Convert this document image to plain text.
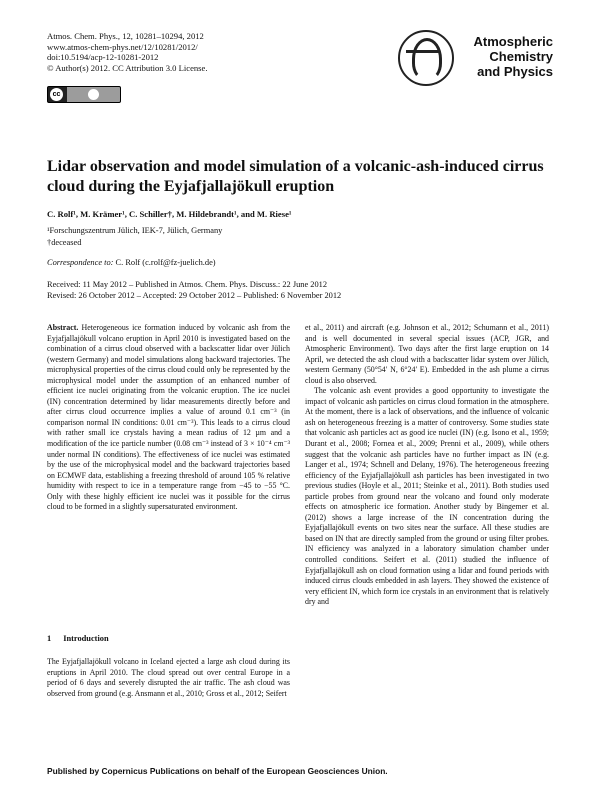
Atmos. Chem. Phys., 12, 10281–10294, 2012
www.atmos-chem-phys.net/12/10281/2012/
doi:10.5194/acp-12-10281-2012
© Author(s) 2012. CC Attribution 3.0 License.
cc
Atmospheric
Chemistry
and Physics
Lidar observation and model simulation of a volcanic-ash-induced cirrus cloud during the Eyjafjallajökull eruption
C. Rolf¹, M. Krämer¹, C. Schiller†, M. Hildebrandt¹, and M. Riese¹
¹Forschungszentrum Jülich, IEK-7, Jülich, Germany
†deceased
Correspondence to: C. Rolf (c.rolf@fz-juelich.de)
Received: 11 May 2012 – Published in Atmos. Chem. Phys. Discuss.: 22 June 2012
Revised: 26 October 2012 – Accepted: 29 October 2012 – Published: 6 November 2012

Abstract. Heterogeneous ice formation induced by volcanic ash from the Eyjafjallajökull volcano eruption in April 2010 is investigated based on the combination of a cirrus cloud observed with a backscatter lidar over Jülich (western Germany) and model simulations along backward trajectories. The microphysical properties of the cirrus cloud could only be represented by the microphysical model under the assumption of an enhanced number of efficient ice nuclei originating from the volcanic eruption. The ice nuclei (IN) concentration determined by lidar measurements directly before and after cirrus cloud occurrence implies a value of around 0.1 cm⁻³ (in comparison normal IN conditions: 0.01 cm⁻³). This leads to a cirrus cloud with rather small ice crystals having a mean radius of 12 µm and a modification of the ice particle number (0.08 cm⁻³ instead of 3 × 10⁻⁴ cm⁻³ under normal IN conditions). The effectiveness of ice nuclei was estimated by the use of the microphysical model and the backward trajectories based on ECMWF data, establishing a freezing threshold of around 105 % relative humidity with respect to ice in a temperature range from −45 to −55 °C. Only with these highly efficient ice nuclei was it possible for the cirrus cloud to be formed in a slightly supersaturated environment.

1 Introduction

The Eyjafjallajökull volcano in Iceland ejected a large ash cloud during its eruptions in April 2010. The cloud spread out over central Europe in a period of 6 days and severely disrupted the air traffic. The ash cloud was observed from ground (e.g. Ansmann et al., 2010; Gross et al., 2012; Seifert

et al., 2011) and aircraft (e.g. Johnson et al., 2012; Schumann et al., 2011) and is well documented in several special issues (ACP, JGR, and Atmospheric Environment). Two days after the first large eruption on 14 April, we detected the ash cloud with a backscatter lidar system over Jülich, western Germany (50°54′ N, 6°24′ E). Embedded in the ash plume a cirrus cloud is also observed.

The volcanic ash event provides a good opportunity to investigate the impact of volcanic ash particles on cirrus cloud formation in the atmosphere. At the moment, there is a lack of observations, and the influence of volcanic ash on heterogeneous freezing is a matter of controversy. Some studies state that volcanic ash particles act as good ice nuclei (IN) (e.g. Isono et al., 1959; Durant et al., 2008; Fornea et al., 2009; Prenni et al., 2009), while others suggest that the volcanic ash particles have no further impact as IN (e.g. Langer et al., 1974; Schnell and Delany, 1976). The heterogeneous freezing efficiency of the Eyjafjallajökull ash particles has been investigated in two previous studies (Hoyle et al., 2011; Steinke et al., 2011). Both studies used particle probes from ground near the volcano and found only moderate effects on atmospheric ice formation. Another study by Bingemer et al. (2012) shows a large increase of the IN concentration during the Eyjafjallajökull events on two sites near the surface. All these studies are based on IN that are directly sampled from the ground or using filter probes. IN efficiency was analyzed in a laboratory simulation chamber under controlled conditions. Seifert et al. (2011) studied the influence of Eyjafjallajökull ash on cloud formation using a lidar and found periods with induced cirrus clouds embedded in ash layers. They showed the existence of very efficient IN, which form ice crystals in an environment that is relatively dry and

Published by Copernicus Publications on behalf of the European Geosciences Union.
